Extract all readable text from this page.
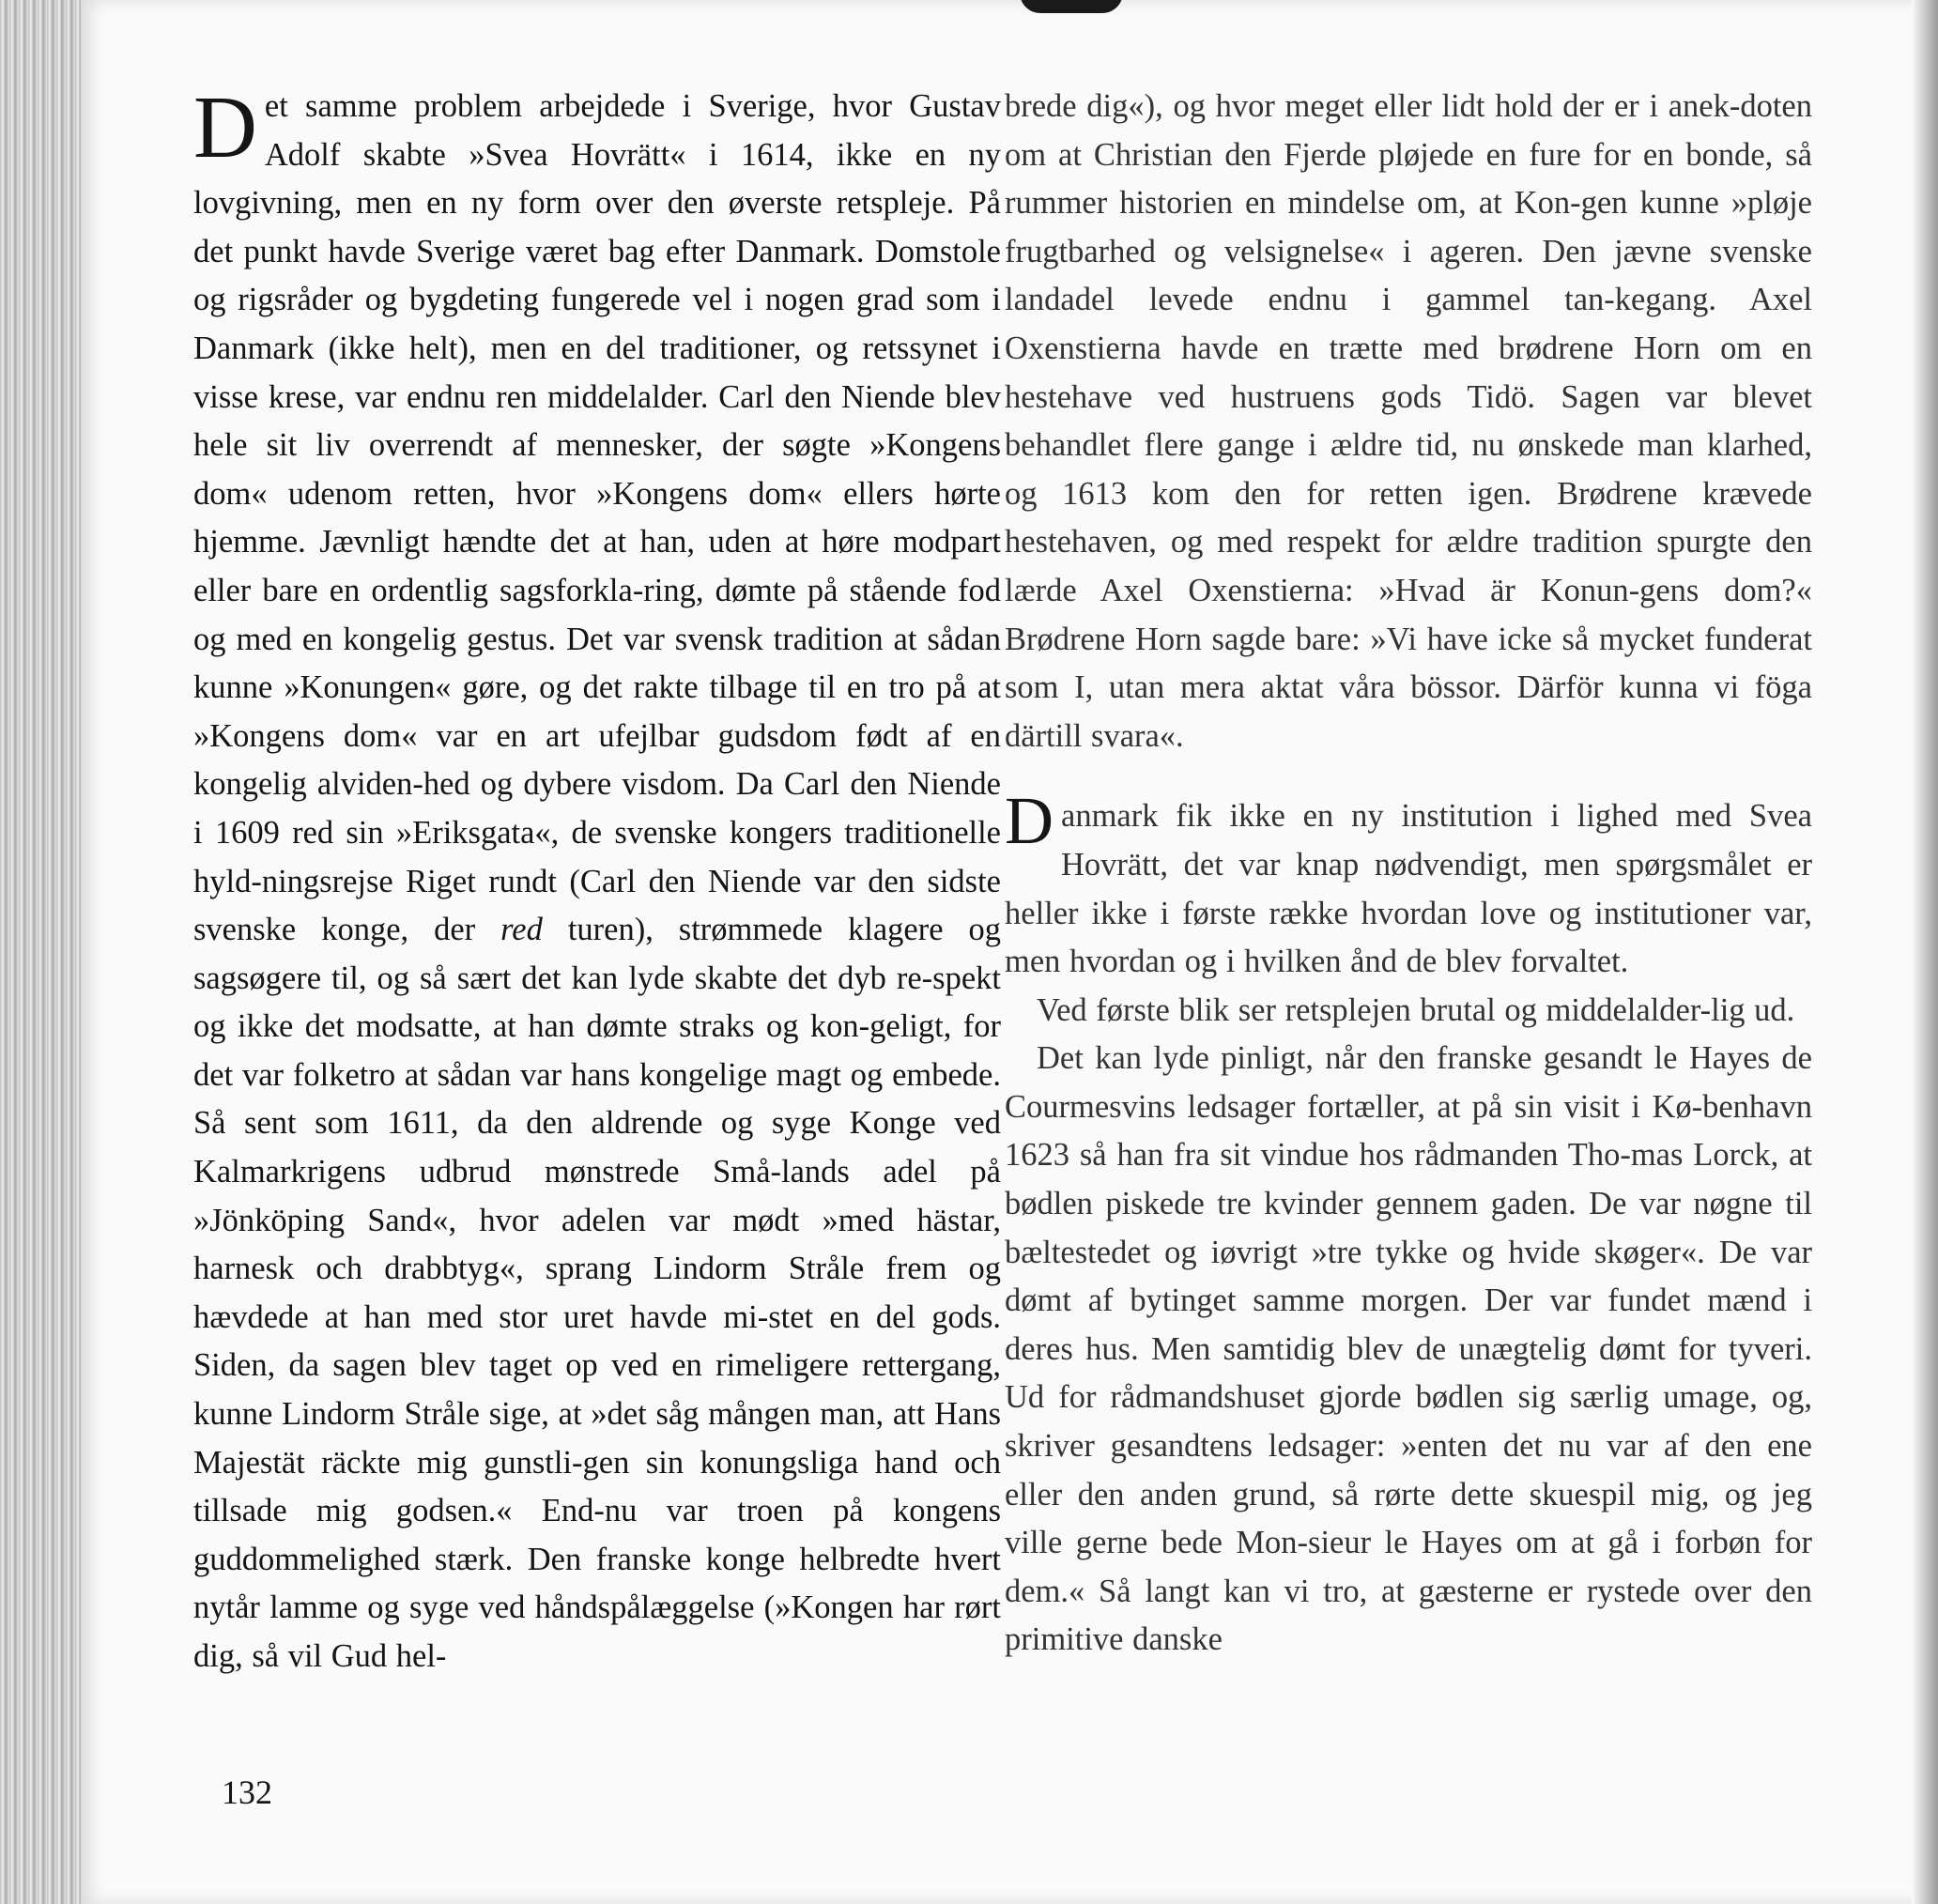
Det samme problem arbejdede i Sverige, hvor Gustav Adolf skabte »Svea Hovrätt« i 1614, ikke en ny lovgivning, men en ny form over den øverste retspleje. På det punkt havde Sverige været bag efter Danmark. Domstole og rigsråder og bygdeting fungerede vel i nogen grad som i Danmark (ikke helt), men en del traditioner, og retssynet i visse krese, var endnu ren middelalder. Carl den Niende blev hele sit liv overrendt af mennesker, der søgte »Kongens dom« udenom retten, hvor »Kongens dom« ellers hørte hjemme. Jævnligt hændte det at han, uden at høre modpart eller bare en ordentlig sagsforkla-ring, dømte på stående fod og med en kongelig gestus. Det var svensk tradition at sådan kunne »Konungen« gøre, og det rakte tilbage til en tro på at »Kongens dom« var en art ufejlbar gudsdom født af en kongelig alviden-hed og dybere visdom. Da Carl den Niende i 1609 red sin »Eriksgata«, de svenske kongers traditionelle hyld-ningsrejse Riget rundt (Carl den Niende var den sidste svenske konge, der red turen), strømmede klagere og sagsøgere til, og så sært det kan lyde skabte det dyb re-spekt og ikke det modsatte, at han dømte straks og kon-geligt, for det var folketro at sådan var hans kongelige magt og embede. Så sent som 1611, da den aldrende og syge Konge ved Kalmarkrigens udbrud mønstrede Små-lands adel på »Jönköping Sand«, hvor adelen var mødt »med hästar, harnesk och drabbtyg«, sprang Lindorm Stråle frem og hævdede at han med stor uret havde mi-stet en del gods. Siden, da sagen blev taget op ved en rimeligere rettergang, kunne Lindorm Stråle sige, at »det såg mången man, att Hans Majestät räckte mig gunstli-gen sin konungsliga hand och tillsade mig godsen.« End-nu var troen på kongens guddommelighed stærk. Den franske konge helbredte hvert nytår lamme og syge ved håndspålæggelse (»Kongen har rørt dig, så vil Gud hel-

brede dig«), og hvor meget eller lidt hold der er i anek-doten om at Christian den Fjerde pløjede en fure for en bonde, så rummer historien en mindelse om, at Kon-gen kunne »pløje frugtbarhed og velsignelse« i ageren. Den jævne svenske landadel levede endnu i gammel tan-kegang. Axel Oxenstierna havde en trætte med brødrene Horn om en hestehave ved hustruens gods Tidö. Sagen var blevet behandlet flere gange i ældre tid, nu ønskede man klarhed, og 1613 kom den for retten igen. Brødrene krævede hestehaven, og med respekt for ældre tradition spurgte den lærde Axel Oxenstierna: »Hvad är Konun-gens dom?« Brødrene Horn sagde bare: »Vi have icke så mycket funderat som I, utan mera aktat våra bössor. Därför kunna vi föga därtill svara«.

Danmark fik ikke en ny institution i lighed med Svea Hovrätt, det var knap nødvendigt, men spørgsmålet er heller ikke i første række hvordan love og institutioner var, men hvordan og i hvilken ånd de blev forvaltet.

Ved første blik ser retsplejen brutal og middelalder-lig ud.

Det kan lyde pinligt, når den franske gesandt le Hayes de Courmesvins ledsager fortæller, at på sin visit i Kø-benhavn 1623 så han fra sit vindue hos rådmanden Tho-mas Lorck, at bødlen piskede tre kvinder gennem gaden. De var nøgne til bæltestedet og iøvrigt »tre tykke og hvide skøger«. De var dømt af bytinget samme morgen. Der var fundet mænd i deres hus. Men samtidig blev de unægtelig dømt for tyveri. Ud for rådmandshuset gjorde bødlen sig særlig umage, og, skriver gesandtens ledsager: »enten det nu var af den ene eller den anden grund, så rørte dette skuespil mig, og jeg ville gerne bede Mon-sieur le Hayes om at gå i forbøn for dem.« Så langt kan vi tro, at gæsterne er rystede over den primitive danske

132
